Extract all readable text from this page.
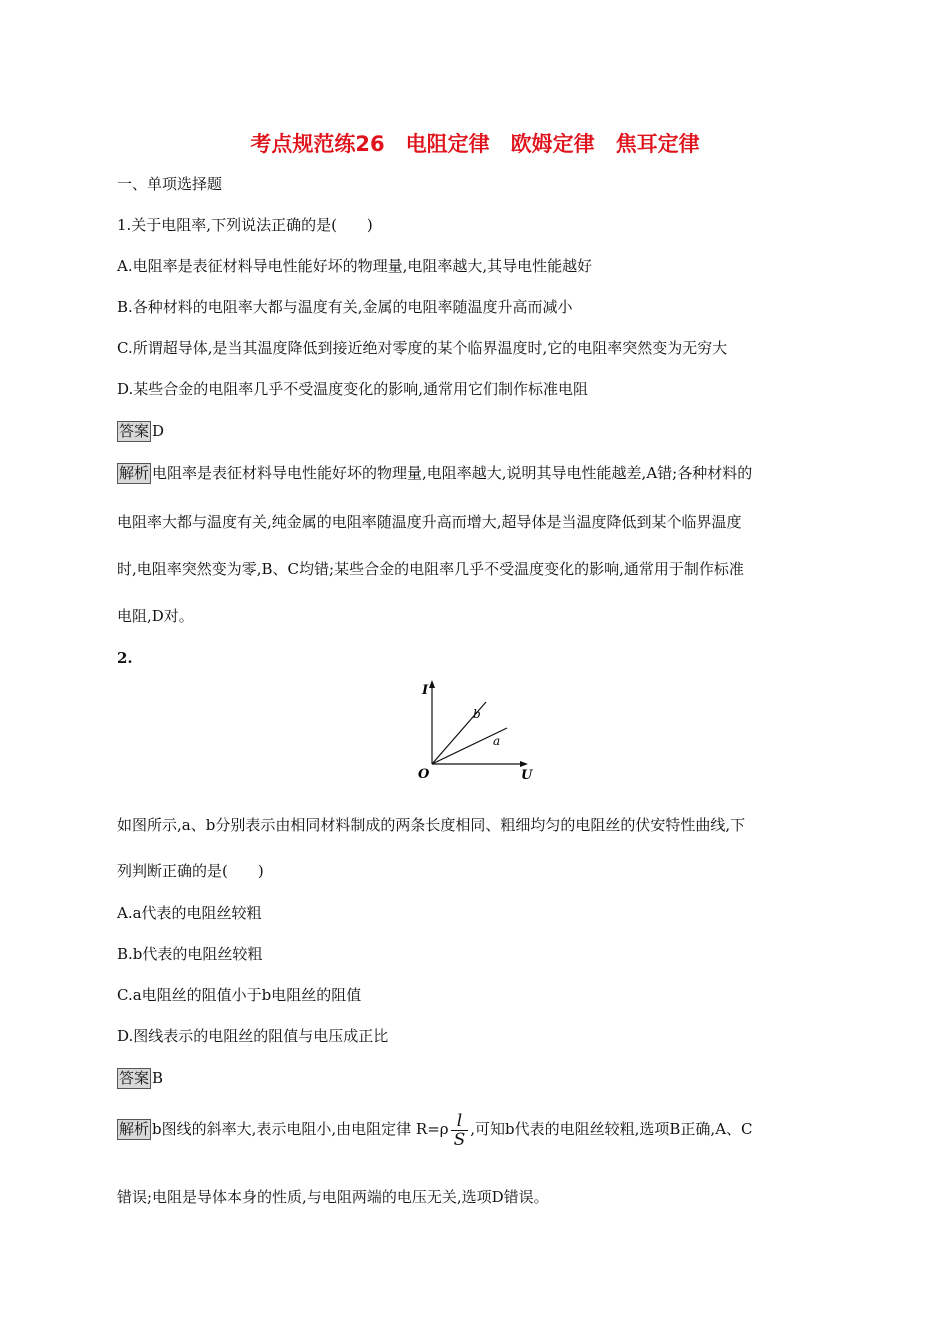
考点规范练26　电阻定律　欧姆定律　焦耳定律
一、单项选择题
1.关于电阻率,下列说法正确的是(　　)
A.电阻率是表征材料导电性能好坏的物理量,电阻率越大,其导电性能越好
B.各种材料的电阻率大都与温度有关,金属的电阻率随温度升高而减小
C.所谓超导体,是当其温度降低到接近绝对零度的某个临界温度时,它的电阻率突然变为无穷大
D.某些合金的电阻率几乎不受温度变化的影响,通常用它们制作标准电阻
答案 D
解析 电阻率是表征材料导电性能好坏的物理量,电阻率越大,说明其导电性能越差,A错;各种材料的
电阻率大都与温度有关,纯金属的电阻率随温度升高而增大,超导体是当温度降低到某个临界温度
时,电阻率突然变为零,B、C均错;某些合金的电阻率几乎不受温度变化的影响,通常用于制作标准
电阻,D对。
2.
I
U
O
b
a
如图所示,a、b分别表示由相同材料制成的两条长度相同、粗细均匀的电阻丝的伏安特性曲线,下
列判断正确的是(　　)
A.a代表的电阻丝较粗
B.b代表的电阻丝较粗
C.a电阻丝的阻值小于b电阻丝的阻值
D.图线表示的电阻丝的阻值与电压成正比
答案 B
解析 b图线的斜率大,表示电阻小,由电阻定律 $R=\rho \frac{l}{S}$ ,可知b代表的电阻丝较粗,选项B正确,A、C
错误;电阻是导体本身的性质,与电阻两端的电压无关,选项D错误。
